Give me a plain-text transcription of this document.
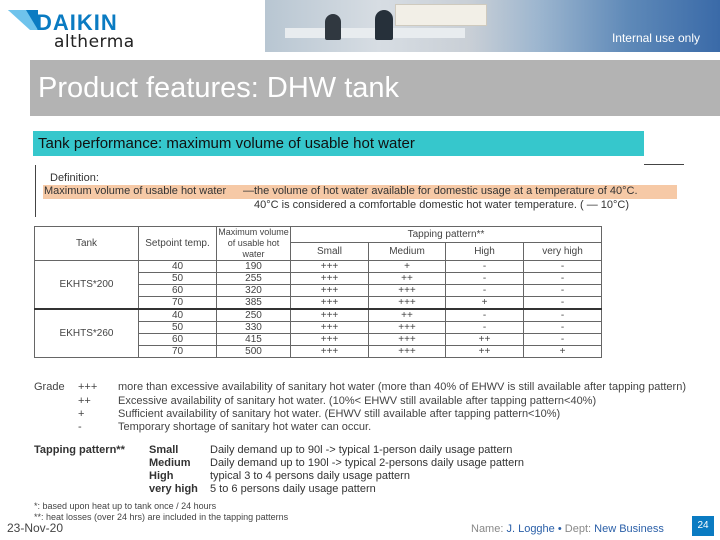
DAIKIN
altherma	Internal use only
Product features: DHW tank
Tank performance: maximum volume of usable hot water
Definition:
Maximum volume of usable hot water — the volume of hot water available for domestic usage at a temperature of 40°C.
40°C is considered a comfortable domestic hot water temperature. ( — 10°C)
Tank	Setpoint temp.	Maximum volume of usable hot water	Tapping pattern**			
			Small	Medium	High	very high
EKHTS*200	40	190	+++	+	-	-
	50	255	+++	++	-	-
	60	320	+++	+++	-	-
	70	385	+++	+++	+	-
EKHTS*260	40	250	+++	++	-	-
	50	330	+++	+++	-	-
	60	415	+++	+++	++	-
	70	500	+++	+++	++	+
Grade +++	more than excessive availability of sanitary hot water (more than 40% of EHWV is still available after tapping pattern)
++	Excessive availability of sanitary hot water. (10%< EHWV still available after tapping pattern<40%)
+	Sufficient availability of sanitary hot water. (EHWV still available after tapping pattern<10%)
-	Temporary shortage of sanitary hot water can occur.
Tapping pattern** Small	Daily demand up to 90l -> typical 1-person daily usage pattern
Medium Daily demand up to 190l -> typical 2-persons daily usage pattern
High	typical 3 to 4 persons daily usage pattern
very high 5 to 6 persons daily usage pattern
*: based upon heat up to tank once / 24 hours
**: heat losses (over 24 hrs) are included in the tapping patterns
23-Nov-20	Name: J. Logghe • Dept: New Business	24
